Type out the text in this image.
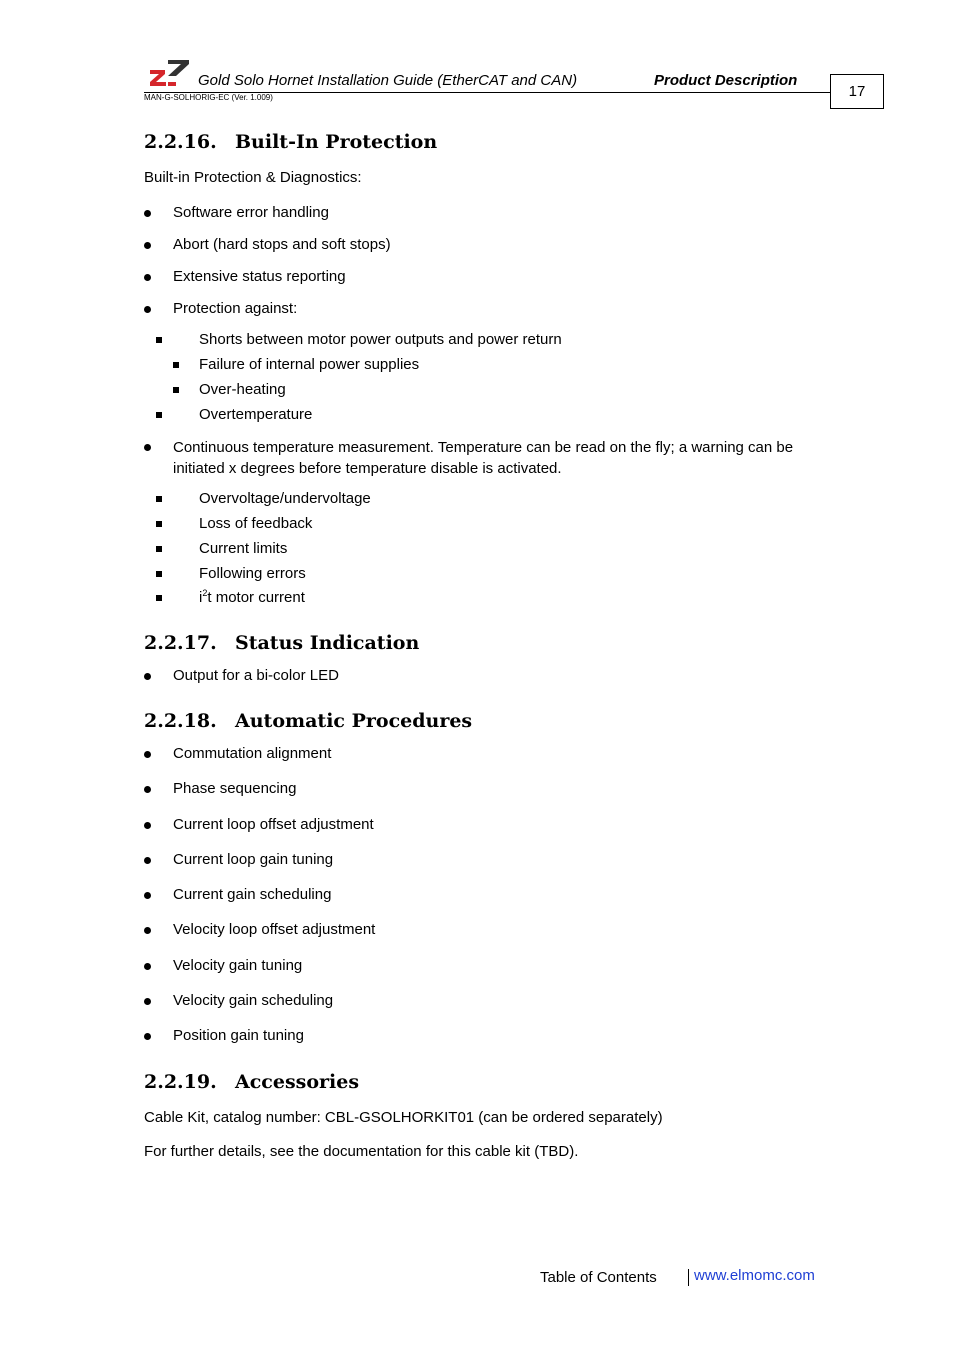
Gold Solo Hornet Installation Guide (EtherCAT and CAN)	Product Description
MAN-G-SOLHORIG-EC (Ver. 1.009)	17
2.2.16. Built-In Protection
Built-in Protection & Diagnostics:
Software error handling
Abort (hard stops and soft stops)
Extensive status reporting
Protection against:
Shorts between motor power outputs and power return
Failure of internal power supplies
Over-heating
Overtemperature
Continuous temperature measurement. Temperature can be read on the fly; a warning can be initiated x degrees before temperature disable is activated.
Overvoltage/undervoltage
Loss of feedback
Current limits
Following errors
$i^2t$ motor current
2.2.17. Status Indication
Output for a bi-color LED
2.2.18. Automatic Procedures
Commutation alignment
Phase sequencing
Current loop offset adjustment
Current loop gain tuning
Current gain scheduling
Velocity loop offset adjustment
Velocity gain tuning
Velocity gain scheduling
Position gain tuning
2.2.19. Accessories
Cable Kit, catalog number: CBL-GSOLHORKIT01 (can be ordered separately)
For further details, see the documentation for this cable kit (TBD).
Table of Contents www.elmomc.com
